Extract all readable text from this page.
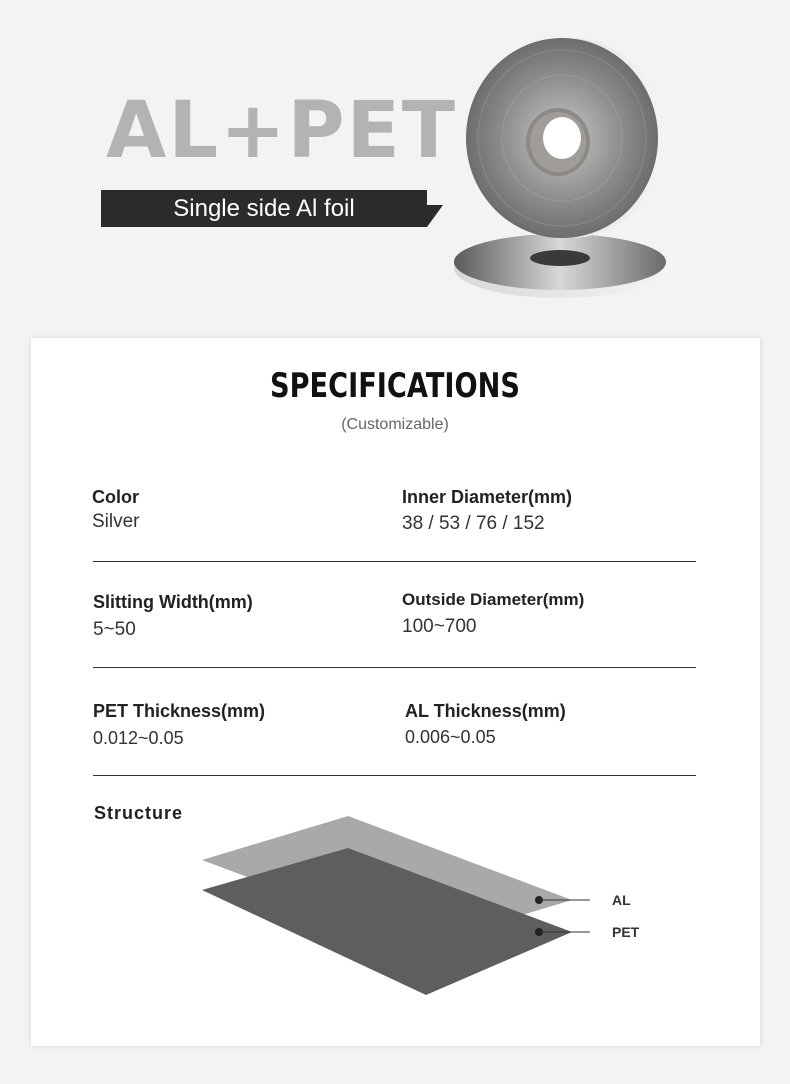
AL+PET
Single side Al foil
SPECIFICATIONS
(Customizable)
Color
Silver
Inner Diameter(mm)
38 / 53 / 76 / 152
Slitting Width(mm)
5~50
Outside Diameter(mm)
100~700
PET Thickness(mm)
0.012~0.05
AL Thickness(mm)
0.006~0.05
Structure
AL
PET
